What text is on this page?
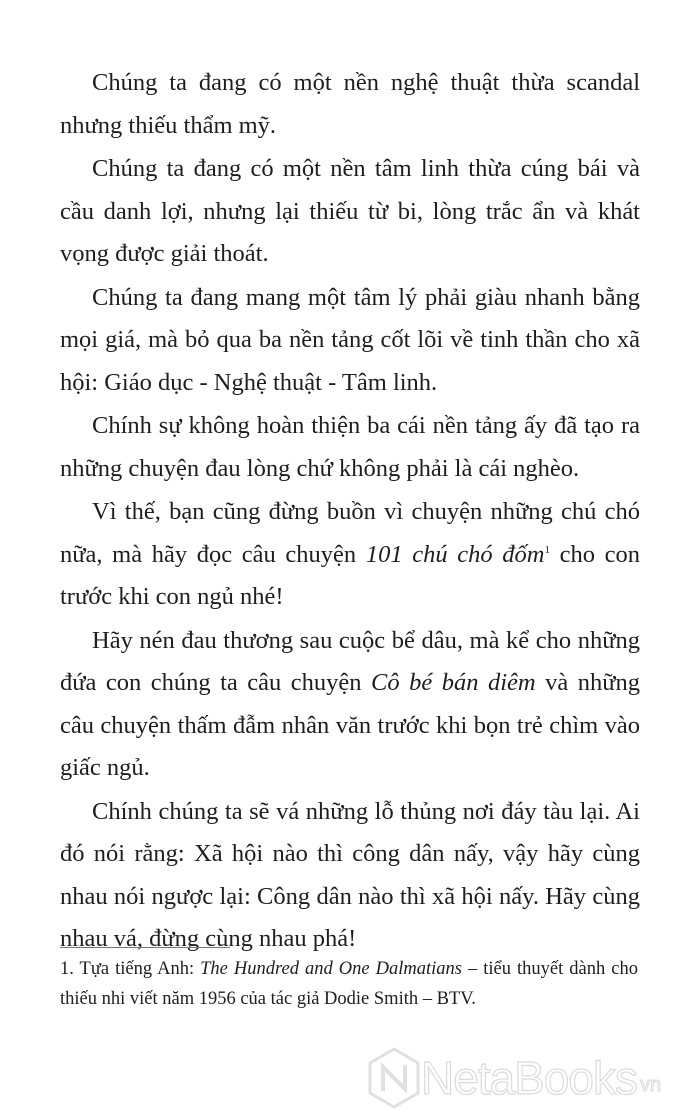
Chúng ta đang có một nền nghệ thuật thừa scandal nhưng thiếu thẩm mỹ.

Chúng ta đang có một nền tâm linh thừa cúng bái và cầu danh lợi, nhưng lại thiếu từ bi, lòng trắc ẩn và khát vọng được giải thoát.

Chúng ta đang mang một tâm lý phải giàu nhanh bằng mọi giá, mà bỏ qua ba nền tảng cốt lõi về tinh thần cho xã hội: Giáo dục - Nghệ thuật - Tâm linh.

Chính sự không hoàn thiện ba cái nền tảng ấy đã tạo ra những chuyện đau lòng chứ không phải là cái nghèo.

Vì thế, bạn cũng đừng buồn vì chuyện những chú chó nữa, mà hãy đọc câu chuyện 101 chú chó đốm$^1$ cho con trước khi con ngủ nhé!

Hãy nén đau thương sau cuộc bể dâu, mà kể cho những đứa con chúng ta câu chuyện Cô bé bán diêm và những câu chuyện thấm đẫm nhân văn trước khi bọn trẻ chìm vào giấc ngủ.

Chính chúng ta sẽ vá những lỗ thủng nơi đáy tàu lại. Ai đó nói rằng: Xã hội nào thì công dân nấy, vậy hãy cùng nhau nói ngược lại: Công dân nào thì xã hội nấy. Hãy cùng nhau vá, đừng cùng nhau phá!

1. Tựa tiếng Anh: The Hundred and One Dalmatians – tiểu thuyết dành cho thiếu nhi viết năm 1956 của tác giả Dodie Smith – BTV.
NetaBooks vn
